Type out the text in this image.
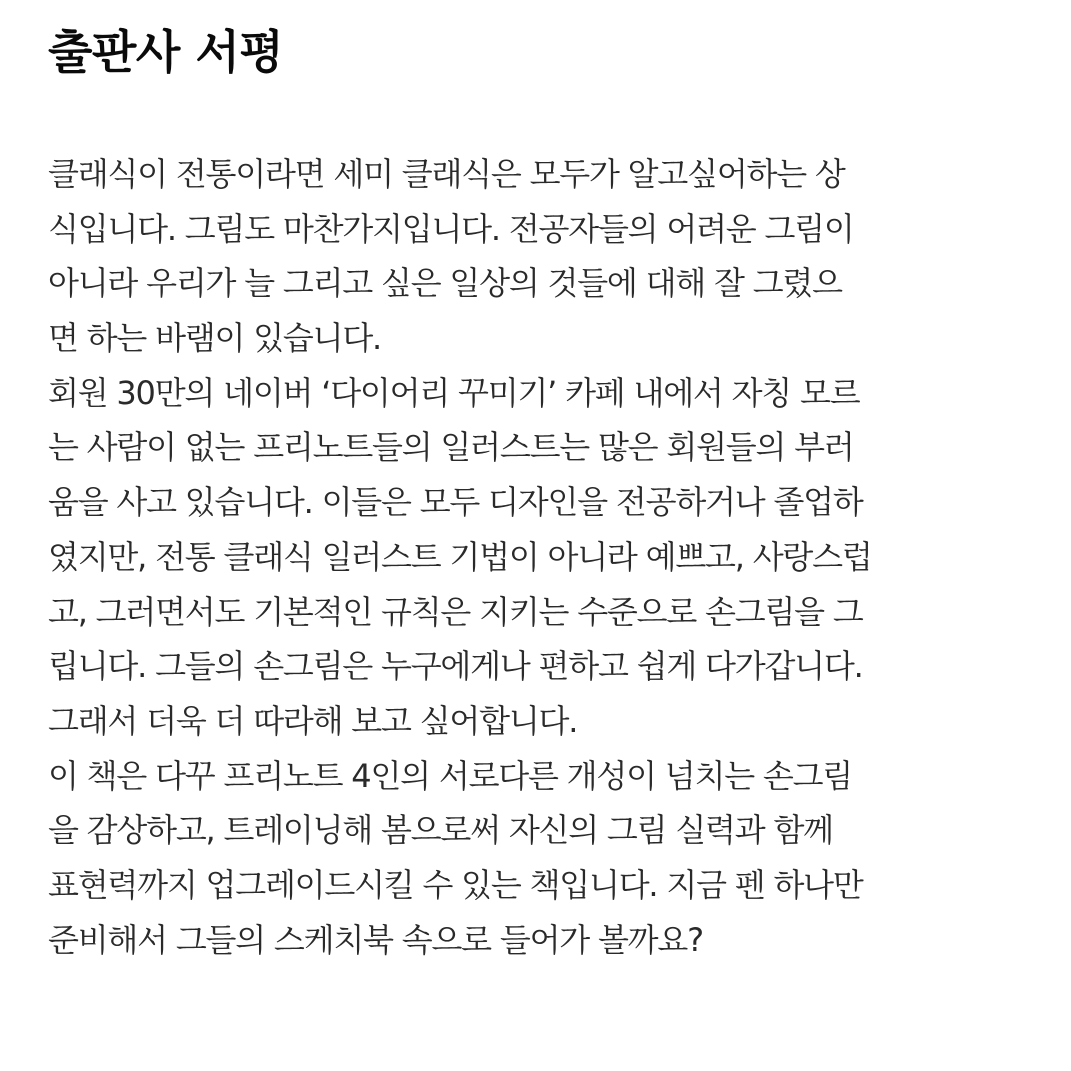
출판사 서평
클래식이 전통이라면 세미 클래식은 모두가 알고싶어하는 상
식입니다. 그림도 마찬가지입니다. 전공자들의 어려운 그림이
아니라 우리가 늘 그리고 싶은 일상의 것들에 대해 잘 그렸으
면 하는 바램이 있습니다.
회원 30만의 네이버 ‘다이어리 꾸미기’ 카페 내에서 자칭 모르
는 사람이 없는 프리노트들의 일러스트는 많은 회원들의 부러
움을 사고 있습니다. 이들은 모두 디자인을 전공하거나 졸업하
였지만, 전통 클래식 일러스트 기법이 아니라 예쁘고, 사랑스럽
고, 그러면서도 기본적인 규칙은 지키는 수준으로 손그림을 그
립니다. 그들의 손그림은 누구에게나 편하고 쉽게 다가갑니다.
그래서 더욱 더 따라해 보고 싶어합니다.
이 책은 다꾸 프리노트 4인의 서로다른 개성이 넘치는 손그림
을 감상하고, 트레이닝해 봄으로써 자신의 그림 실력과 함께
표현력까지 업그레이드시킬 수 있는 책입니다. 지금 펜 하나만
준비해서 그들의 스케치북 속으로 들어가 볼까요?
